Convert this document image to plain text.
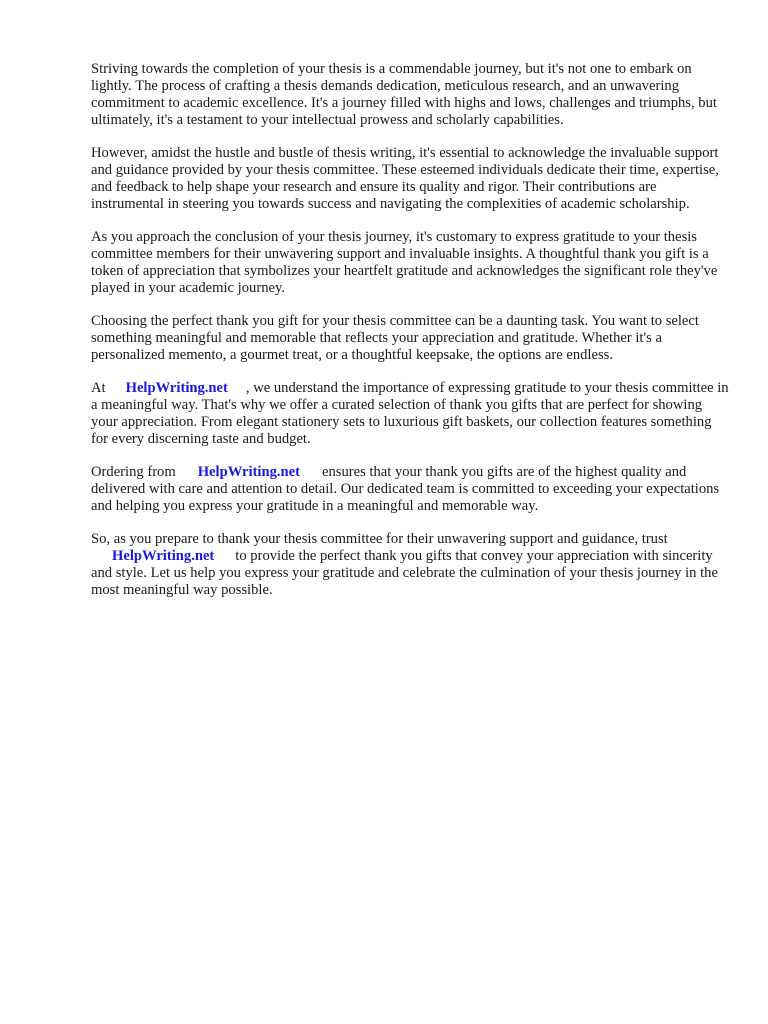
Striving towards the completion of your thesis is a commendable journey, but it's not one to embark on lightly. The process of crafting a thesis demands dedication, meticulous research, and an unwavering commitment to academic excellence. It's a journey filled with highs and lows, challenges and triumphs, but ultimately, it's a testament to your intellectual prowess and scholarly capabilities.

However, amidst the hustle and bustle of thesis writing, it's essential to acknowledge the invaluable support and guidance provided by your thesis committee. These esteemed individuals dedicate their time, expertise, and feedback to help shape your research and ensure its quality and rigor. Their contributions are instrumental in steering you towards success and navigating the complexities of academic scholarship.

As you approach the conclusion of your thesis journey, it's customary to express gratitude to your thesis committee members for their unwavering support and invaluable insights. A thoughtful thank you gift is a token of appreciation that symbolizes your heartfelt gratitude and acknowledges the significant role they've played in your academic journey.

Choosing the perfect thank you gift for your thesis committee can be a daunting task. You want to select something meaningful and memorable that reflects your appreciation and gratitude. Whether it's a personalized memento, a gourmet treat, or a thoughtful keepsake, the options are endless.

At HelpWriting.net , we understand the importance of expressing gratitude to your thesis committee in a meaningful way. That's why we offer a curated selection of thank you gifts that are perfect for showing your appreciation. From elegant stationery sets to luxurious gift baskets, our collection features something for every discerning taste and budget.

Ordering from HelpWriting.net ensures that your thank you gifts are of the highest quality and delivered with care and attention to detail. Our dedicated team is committed to exceeding your expectations and helping you express your gratitude in a meaningful and memorable way.

So, as you prepare to thank your thesis committee for their unwavering support and guidance, trust
HelpWriting.net to provide the perfect thank you gifts that convey your appreciation with sincerity and style. Let us help you express your gratitude and celebrate the culmination of your thesis journey in the most meaningful way possible.
